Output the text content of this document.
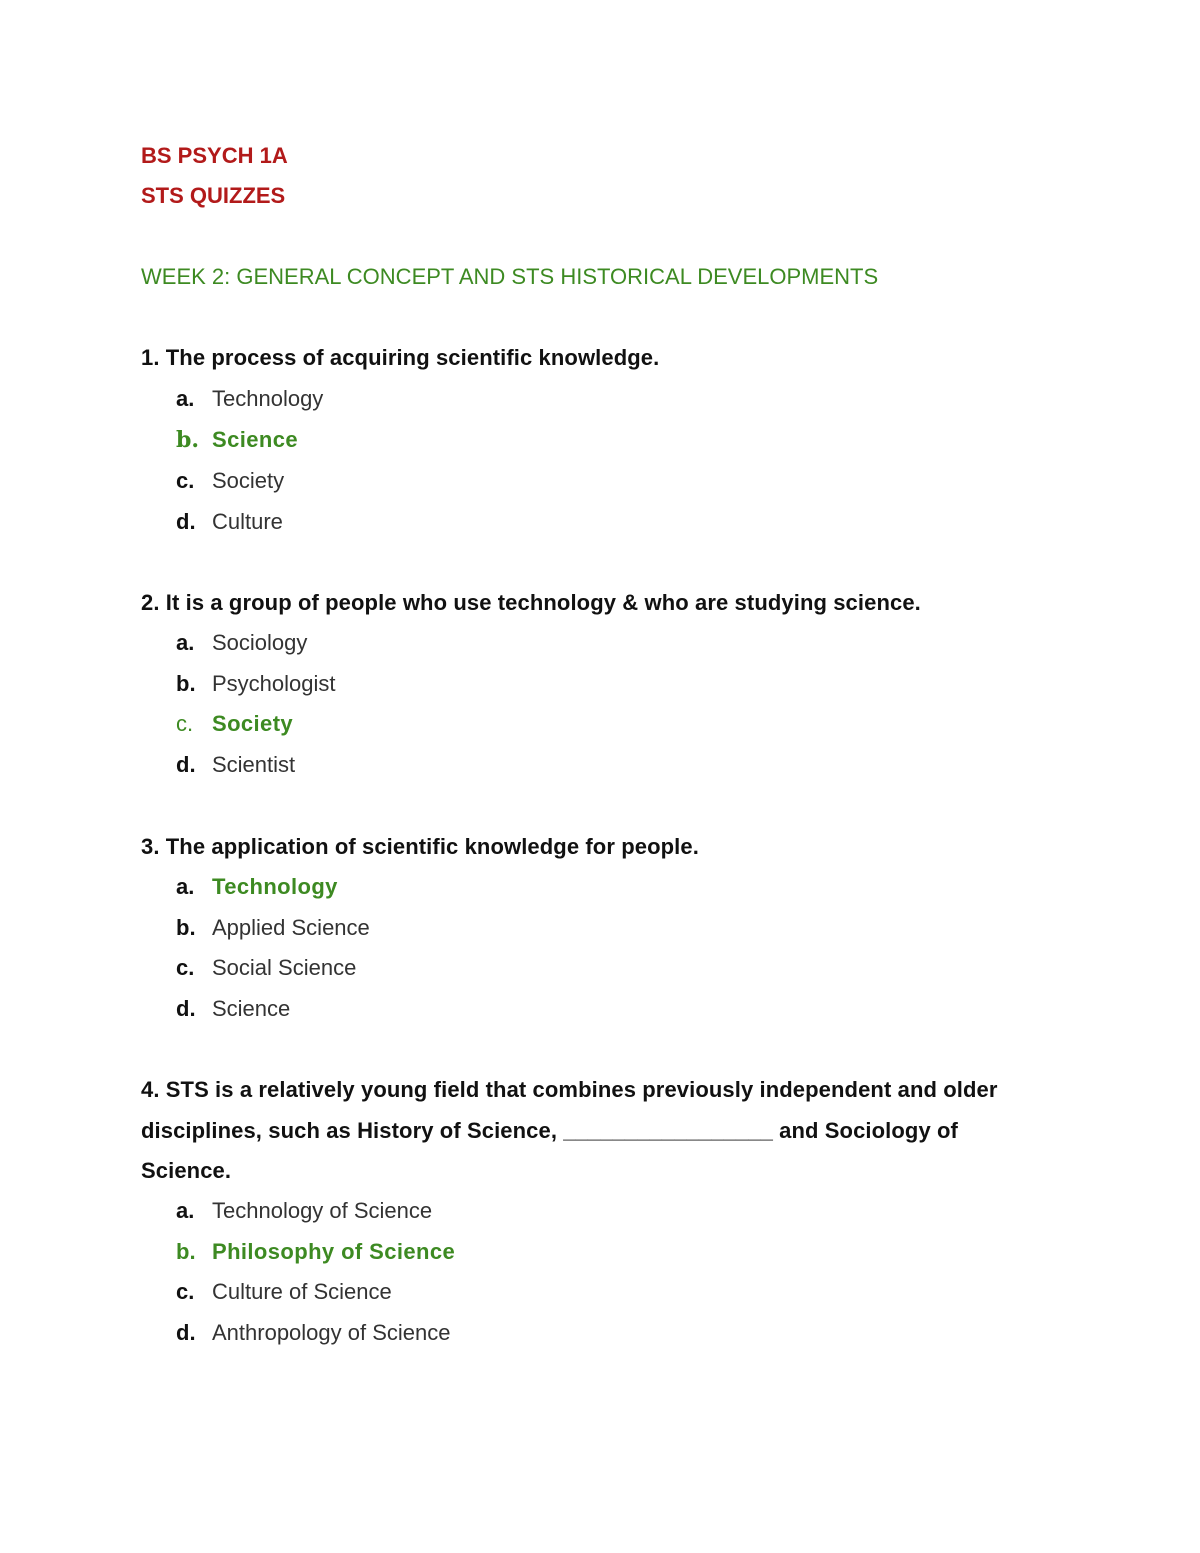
BS PSYCH 1A
STS QUIZZES
WEEK 2: GENERAL CONCEPT AND STS HISTORICAL DEVELOPMENTS
1. The process of acquiring scientific knowledge.
a. Technology
b. Science
c. Society
d. Culture
2. It is a group of people who use technology & who are studying science.
a. Sociology
b. Psychologist
c. Society
d. Scientist
3. The application of scientific knowledge for people.
a. Technology
b. Applied Science
c. Social Science
d. Science
4. STS is a relatively young field that combines previously independent and older
disciplines, such as History of Science, _________________ and Sociology of
Science.
a. Technology of Science
b. Philosophy of Science
c. Culture of Science
d. Anthropology of Science
